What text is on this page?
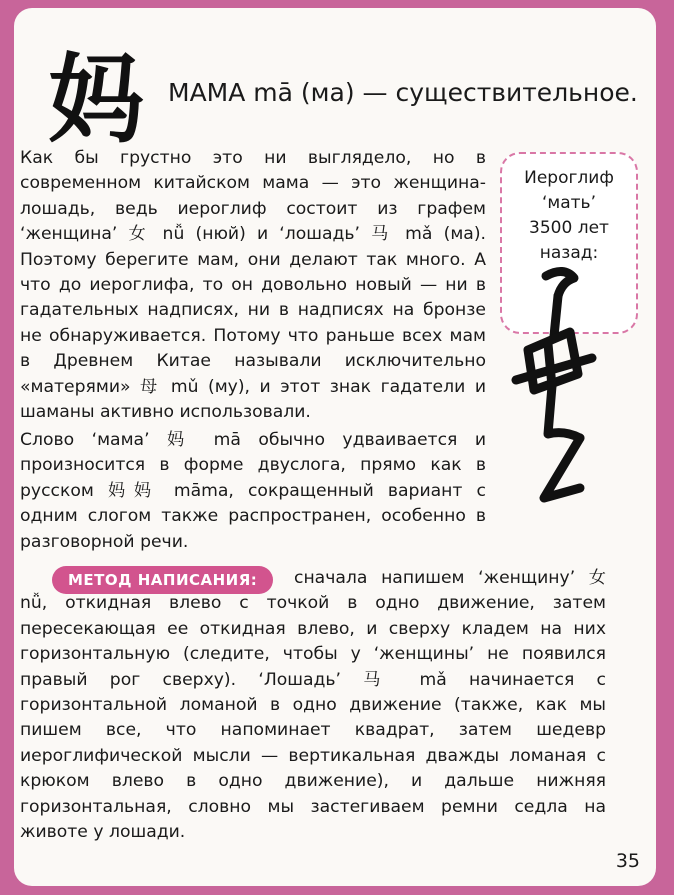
妈 МАМА mā (ма) — существительное.

Как бы грустно это ни выглядело, но в современном китайском мама — это женщина-лошадь, ведь иероглиф состоит из графем ‘женщина’ 女 nǚ (нюй) и ‘лошадь’ 马 mǎ (ма). Поэтому берегите мам, они делают так много. А что до иероглифа, то он довольно новый — ни в гадательных надписях, ни в надписях на бронзе не обнаруживается. Потому что раньше всех мам в Древнем Китае называли исключительно «матерями» 母 mǔ (му), и этот знак гадатели и шаманы активно использовали.

Слово ‘мама’ 妈 mā обычно удваивается и произносится в форме двуслога, прямо как в русском 妈妈 māma, сокращенный вариант с одним слогом также распространен, особенно в разговорной речи.

Иероглиф
‘мать’
3500 лет
назад:
МЕТОД НАПИСАНИЯ:	сначала напишем ‘женщину’ 女 nǚ, откидная влево с точкой в одно движение, затем пересекающая ее откидная влево, и сверху кладем на них горизонтальную (следите, чтобы у ‘женщины’ не появился правый рог сверху). ‘Лошадь’ 马 mǎ начинается с горизонтальной ломаной в одно движение (также, как мы пишем все, что напоминает квадрат, затем шедевр иероглифической мысли — вертикальная дважды ломаная с крюком влево в одно движение), и дальше нижняя горизонтальная, словно мы застегиваем ремни седла на животе у лошади.

35
